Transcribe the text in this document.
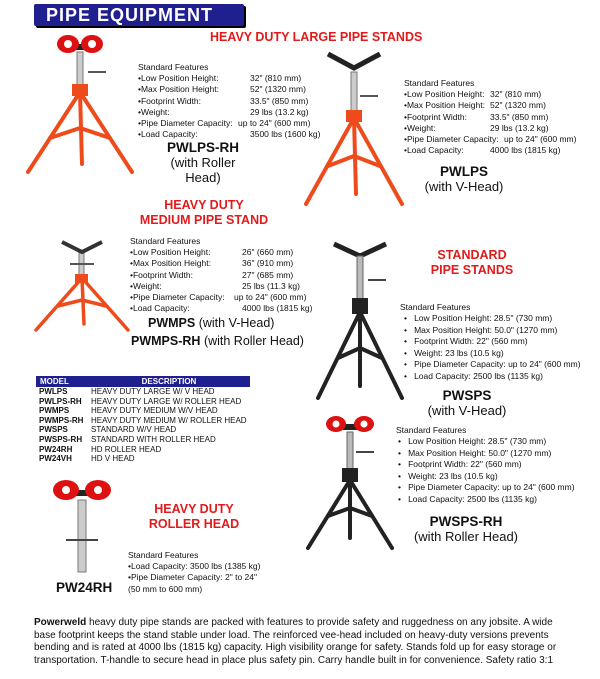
PIPE EQUIPMENT
HEAVY DUTY LARGE PIPE STANDS
Standard Features
•Low Position Height:	32" (810 mm)
•Max Position Height:	52" (1320 mm)
•Footprint Width:	33.5" (850 mm)
•Weight:	29 lbs (13.2 kg)
•Pipe Diameter Capacity: up to 24" (600 mm)
•Load Capacity:	3500 lbs (1600 kg)
PWLPS-RH
(with Roller Head)
Standard Features
•Low Position Height: 32" (810 mm)
•Max Position Height: 52" (1320 mm)
•Footprint Width:	33.5" (850 mm)
•Weight:	29 lbs (13.2 kg)
•Pipe Diameter Capacity: up to 24" (600 mm)
•Load Capacity:	4000 lbs (1815 kg)
PWLPS
(with V-Head)
HEAVY DUTY
MEDIUM PIPE STAND
Standard Features
•Low Position Height:	26" (660 mm)
•Max Position Height:	36" (910 mm)
•Footprint Width:	27" (685 mm)
•Weight:	25 lbs (11.3 kg)
•Pipe Diameter Capacity: up to 24" (600 mm)
•Load Capacity:	4000 lbs (1815 kg)
PWMPS (with V-Head)
PWMPS-RH (with Roller Head)
STANDARD
PIPE STANDS
Standard Features
•   Low Position Height: 28.5" (730 mm)
•   Max Position Height: 50.0" (1270 mm)
•   Footprint Width: 22" (560 mm)
•   Weight: 23 lbs (10.5 kg)
•   Pipe Diameter Capacity: up to 24" (600 mm)
•   Load Capacity: 2500 lbs (1135 kg)
PWSPS
(with V-Head)
Standard Features
•   Low Position Height: 28.5" (730 mm)
•   Max Position Height: 50.0" (1270 mm)
•   Footprint Width: 22" (560 mm)
•   Weight: 23 lbs (10.5 kg)
•   Pipe Diameter Capacity: up to 24" (600 mm)
•   Load Capacity: 2500 lbs (1135 kg)
PWSPS-RH
(with Roller Head)
MODEL	DESCRIPTION
PWLPS	HEAVY DUTY LARGE W/ V HEAD
PWLPS-RH	HEAVY DUTY LARGE W/ ROLLER HEAD
PWMPS	HEAVY DUTY MEDIUM W/V HEAD
PWMPS-RH	HEAVY DUTY MEDIUM W/ ROLLER HEAD
PWSPS	STANDARD W/V HEAD
PWSPS-RH	STANDARD WITH ROLLER HEAD
PW24RH	HD ROLLER HEAD
PW24VH	HD V HEAD
HEAVY DUTY
ROLLER HEAD
Standard Features
•Load Capacity: 3500 lbs (1385 kg)
•Pipe Diameter Capacity: 2" to 24"
(50 mm to 600 mm)
PW24RH
Powerweld heavy duty pipe stands are packed with features to provide safety and ruggedness on any jobsite. A wide base footprint keeps the stand stable under load. The reinforced vee-head included on heavy-duty versions prevents bending and is rated at 4000 lbs (1815 kg) capacity. High visibility orange for safety. Stands fold up for easy storage or transportation. T-handle to secure head in place plus safety pin. Carry handle built in for convenience. Safety ratio 3:1
